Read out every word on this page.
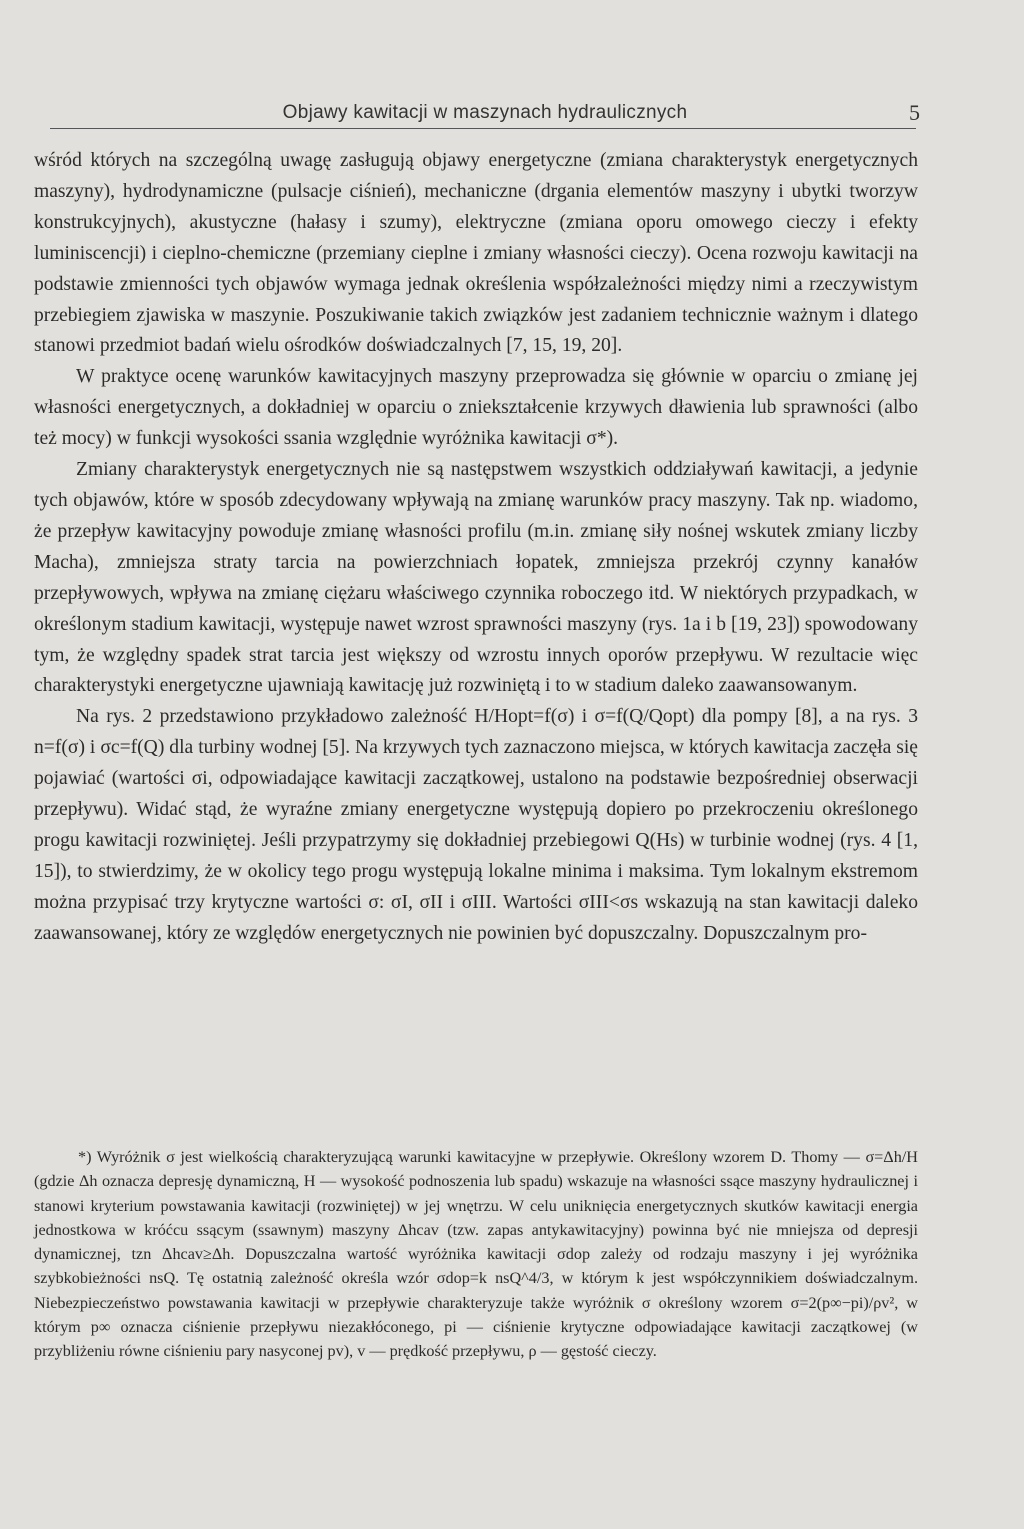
Objawy kawitacji w maszynach hydraulicznych	5

wśród których na szczególną uwagę zasługują objawy energetyczne (zmiana charakterystyk energetycznych maszyny), hydrodynamiczne (pulsacje ciśnień), mechaniczne (drgania elementów maszyny i ubytki tworzyw konstrukcyjnych), akustyczne (hałasy i szumy), elektryczne (zmiana oporu omowego cieczy i efekty luminiscencji) i cieplno-chemiczne (przemiany cieplne i zmiany własności cieczy). Ocena rozwoju kawitacji na podstawie zmienności tych objawów wymaga jednak określenia współzależności między nimi a rzeczywistym przebiegiem zjawiska w maszynie. Poszukiwanie takich związków jest zadaniem technicznie ważnym i dlatego stanowi przedmiot badań wielu ośrodków doświadczalnych [7, 15, 19, 20].

W praktyce ocenę warunków kawitacyjnych maszyny przeprowadza się głównie w oparciu o zmianę jej własności energetycznych, a dokładniej w oparciu o zniekształcenie krzywych dławienia lub sprawności (albo też mocy) w funkcji wysokości ssania względnie wyróżnika kawitacji σ*).

Zmiany charakterystyk energetycznych nie są następstwem wszystkich oddziaływań kawitacji, a jedynie tych objawów, które w sposób zdecydowany wpływają na zmianę warunków pracy maszyny. Tak np. wiadomo, że przepływ kawitacyjny powoduje zmianę własności profilu (m.in. zmianę siły nośnej wskutek zmiany liczby Macha), zmniejsza straty tarcia na powierzchniach łopatek, zmniejsza przekrój czynny kanałów przepływowych, wpływa na zmianę ciężaru właściwego czynnika roboczego itd. W niektórych przypadkach, w określonym stadium kawitacji, występuje nawet wzrost sprawności maszyny (rys. 1a i b [19, 23]) spowodowany tym, że względny spadek strat tarcia jest większy od wzrostu innych oporów przepływu. W rezultacie więc charakterystyki energetyczne ujawniają kawitację już rozwiniętą i to w stadium daleko zaawansowanym.

Na rys. 2 przedstawiono przykładowo zależność H/Hopt=f(σ) i σ=f(Q/Qopt) dla pompy [8], a na rys. 3 n=f(σ) i σc=f(Q) dla turbiny wodnej [5]. Na krzywych tych zaznaczono miejsca, w których kawitacja zaczęła się pojawiać (wartości σi, odpowiadające kawitacji zaczątkowej, ustalono na podstawie bezpośredniej obserwacji przepływu). Widać stąd, że wyraźne zmiany energetyczne występują dopiero po przekroczeniu określonego progu kawitacji rozwiniętej. Jeśli przypatrzymy się dokładniej przebiegowi Q(Hs) w turbinie wodnej (rys. 4 [1, 15]), to stwierdzimy, że w okolicy tego progu występują lokalne minima i maksima. Tym lokalnym ekstremom można przypisać trzy krytyczne wartości σ: σI, σII i σIII. Wartości σIII<σs wskazują na stan kawitacji daleko zaawansowanej, który ze względów energetycznych nie powinien być dopuszczalny. Dopuszczalnym pro-

*) Wyróżnik σ jest wielkością charakteryzującą warunki kawitacyjne w przepływie. Określony wzorem D. Thomy — σ=Δh/H (gdzie Δh oznacza depresję dynamiczną, H — wysokość podnoszenia lub spadu) wskazuje na własności ssące maszyny hydraulicznej i stanowi kryterium powstawania kawitacji (rozwiniętej) w jej wnętrzu. W celu uniknięcia energetycznych skutków kawitacji energia jednostkowa w króćcu ssącym (ssawnym) maszyny Δhcav (tzw. zapas antykawitacyjny) powinna być nie mniejsza od depresji dynamicznej, tzn Δhcav≥Δh. Dopuszczalna wartość wyróżnika kawitacji σdop zależy od rodzaju maszyny i jej wyróżnika szybkobieżności nsQ. Tę ostatnią zależność określa wzór σdop=k nsQ^4/3, w którym k jest współczynnikiem doświadczalnym. Niebezpieczeństwo powstawania kawitacji w przepływie charakteryzuje także wyróżnik σ określony wzorem σ=2(p∞−pi)/ρv², w którym p∞ oznacza ciśnienie przepływu niezakłóconego, pi — ciśnienie krytyczne odpowiadające kawitacji zaczątkowej (w przybliżeniu równe ciśnieniu pary nasyconej pv), v — prędkość przepływu, ρ — gęstość cieczy.
